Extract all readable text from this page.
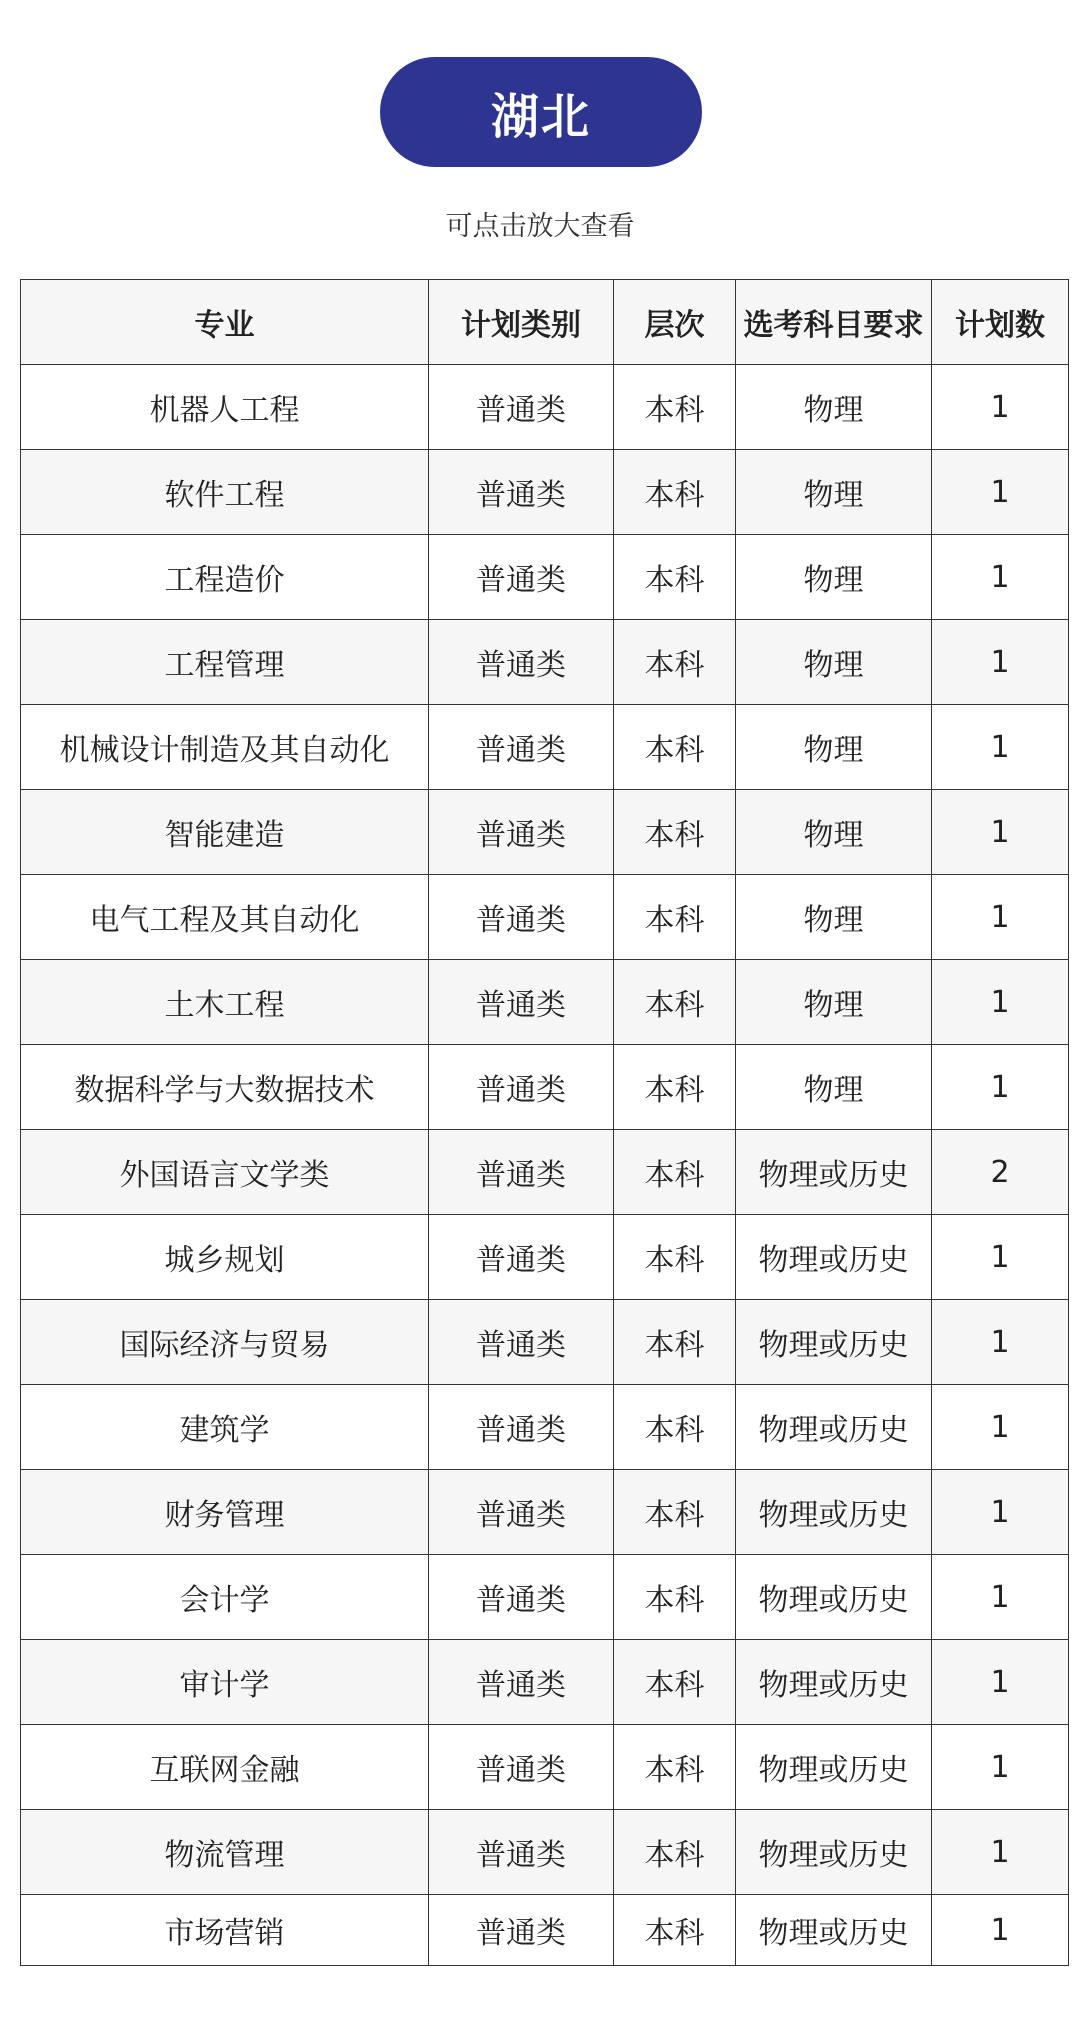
湖北
可点击放大查看
专业	计划类别	层次	选考科目要求	计划数
机器人工程	普通类	本科	物理	1
软件工程	普通类	本科	物理	1
工程造价	普通类	本科	物理	1
工程管理	普通类	本科	物理	1
机械设计制造及其自动化	普通类	本科	物理	1
智能建造	普通类	本科	物理	1
电气工程及其自动化	普通类	本科	物理	1
土木工程	普通类	本科	物理	1
数据科学与大数据技术	普通类	本科	物理	1
外国语言文学类	普通类	本科	物理或历史	2
城乡规划	普通类	本科	物理或历史	1
国际经济与贸易	普通类	本科	物理或历史	1
建筑学	普通类	本科	物理或历史	1
财务管理	普通类	本科	物理或历史	1
会计学	普通类	本科	物理或历史	1
审计学	普通类	本科	物理或历史	1
互联网金融	普通类	本科	物理或历史	1
物流管理	普通类	本科	物理或历史	1
市场营销	普通类	本科	物理或历史	1
